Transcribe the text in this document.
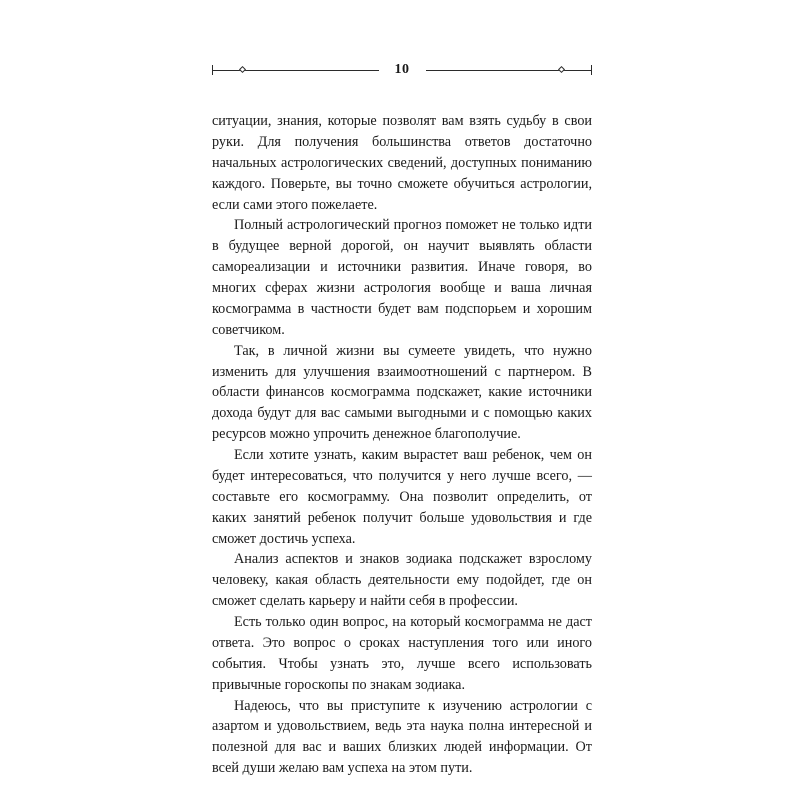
10

ситуации, знания, которые позволят вам взять судьбу в свои руки. Для получения большинства ответов достаточно начальных астрологических сведений, доступных пониманию каждого. Поверьте, вы точно сможете обучиться астрологии, если сами этого пожелаете.

Полный астрологический прогноз поможет не только идти в будущее верной дорогой, он научит выявлять области самореализации и источники развития. Иначе говоря, во многих сферах жизни астрология вообще и ваша личная космограмма в частности будет вам подспорьем и хорошим советчиком.

Так, в личной жизни вы сумеете увидеть, что нужно изменить для улучшения взаимоотношений с партнером. В области финансов космограмма подскажет, какие источники дохода будут для вас самыми выгодными и с помощью каких ресурсов можно упрочить денежное благополучие.

Если хотите узнать, каким вырастет ваш ребенок, чем он будет интересоваться, что получится у него лучше всего, — составьте его космограмму. Она позволит определить, от каких занятий ребенок получит больше удовольствия и где сможет достичь успеха.

Анализ аспектов и знаков зодиака подскажет взрослому человеку, какая область деятельности ему подойдет, где он сможет сделать карьеру и найти себя в профессии.

Есть только один вопрос, на который космограмма не даст ответа. Это вопрос о сроках наступления того или иного события. Чтобы узнать это, лучше всего использовать привычные гороскопы по знакам зодиака.

Надеюсь, что вы приступите к изучению астрологии с азартом и удовольствием, ведь эта наука полна интересной и полезной для вас и ваших близких людей информации. От всей души желаю вам успеха на этом пути.
